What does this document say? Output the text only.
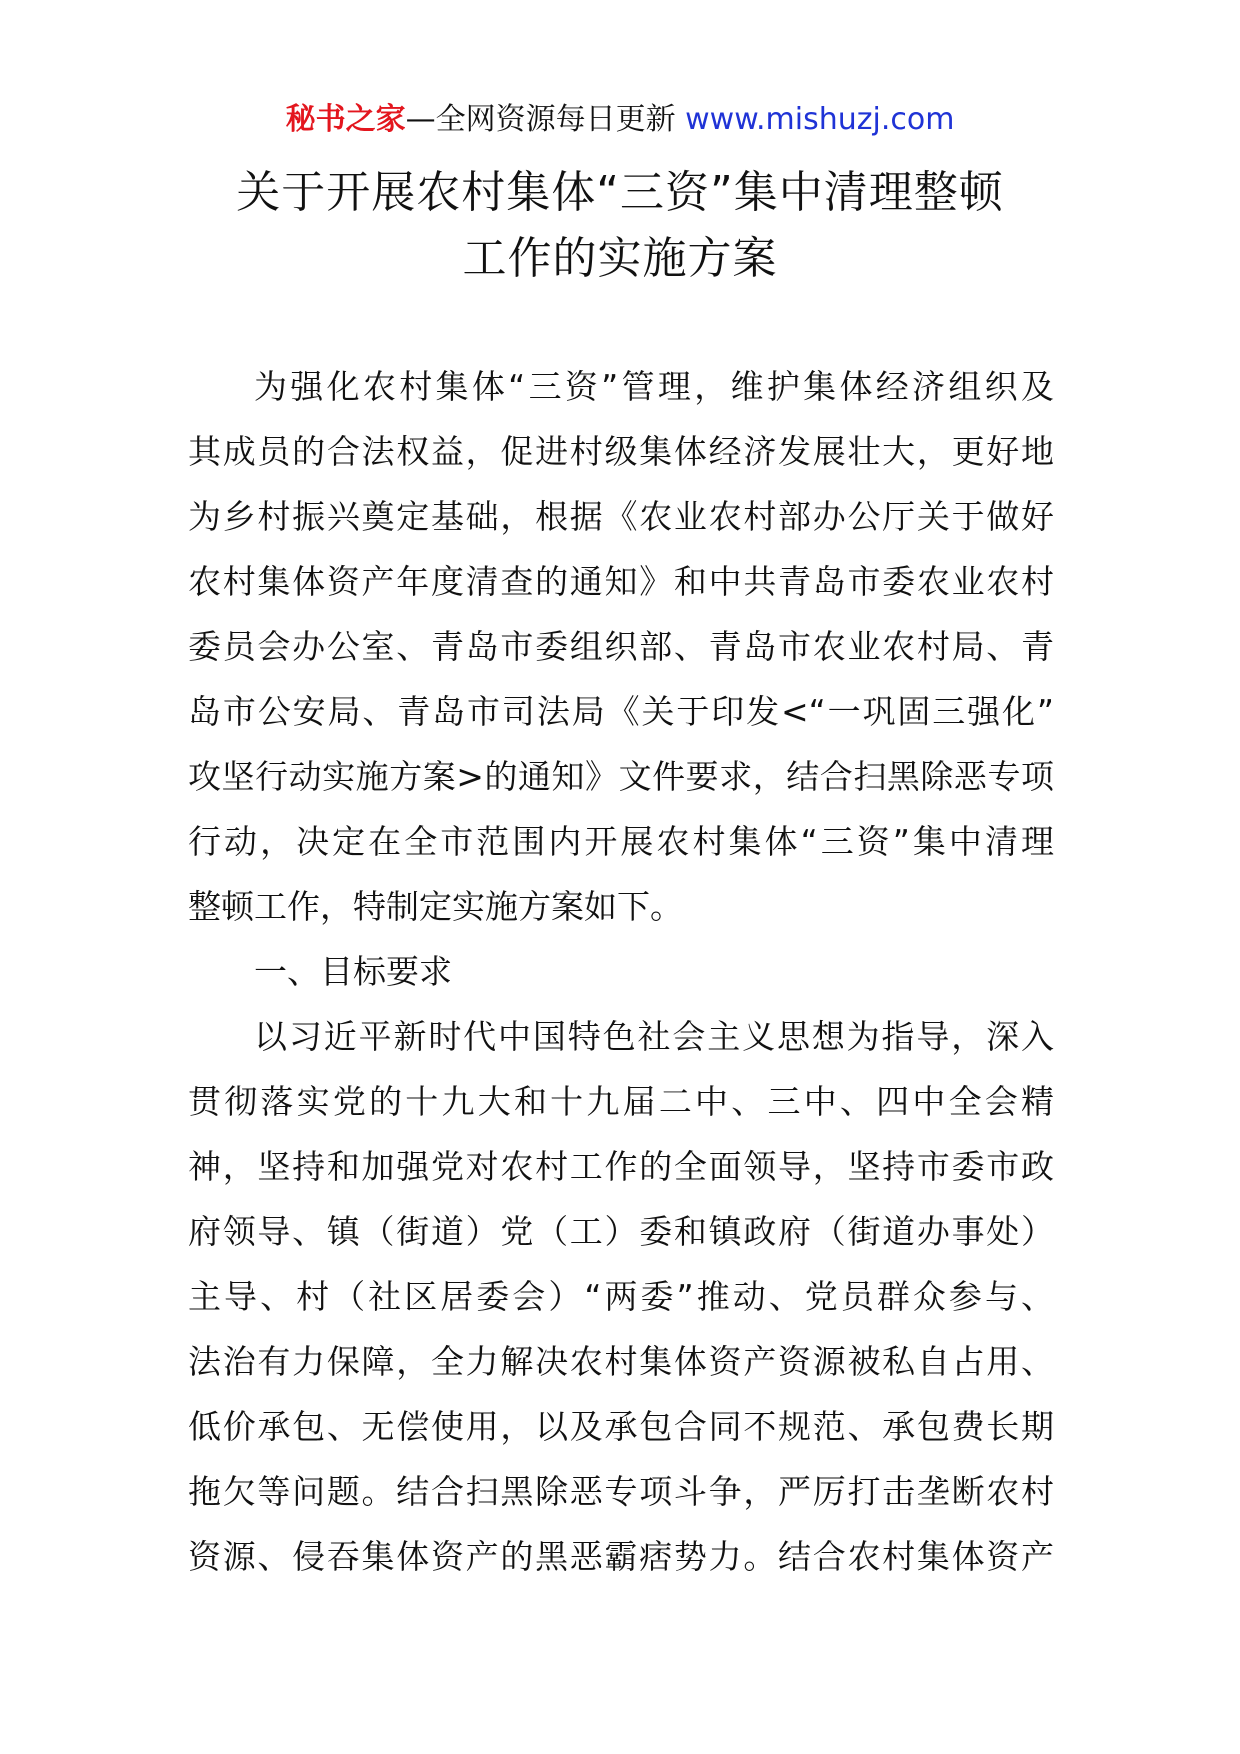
秘书之家—全网资源每日更新 www.mishuzj.com
关于开展农村集体“三资”集中清理整顿
工作的实施方案
为强化农村集体“三资”管理，维护集体经济组织及
其成员的合法权益，促进村级集体经济发展壮大，更好地
为乡村振兴奠定基础，根据《农业农村部办公厅关于做好
农村集体资产年度清查的通知》和中共青岛市委农业农村
委员会办公室、青岛市委组织部、青岛市农业农村局、青
岛市公安局、青岛市司法局《关于印发<“一巩固三强化”
攻坚行动实施方案>的通知》文件要求，结合扫黑除恶专项
行动，决定在全市范围内开展农村集体“三资”集中清理
整顿工作，特制定实施方案如下。
一、目标要求
以习近平新时代中国特色社会主义思想为指导，深入
贯彻落实党的十九大和十九届二中、三中、四中全会精
神，坚持和加强党对农村工作的全面领导，坚持市委市政
府领导、镇（街道）党（工）委和镇政府（街道办事处）
主导、村（社区居委会）“两委”推动、党员群众参与、
法治有力保障，全力解决农村集体资产资源被私自占用、
低价承包、无偿使用，以及承包合同不规范、承包费长期
拖欠等问题。结合扫黑除恶专项斗争，严厉打击垄断农村
资源、侵吞集体资产的黑恶霸痞势力。结合农村集体资产
